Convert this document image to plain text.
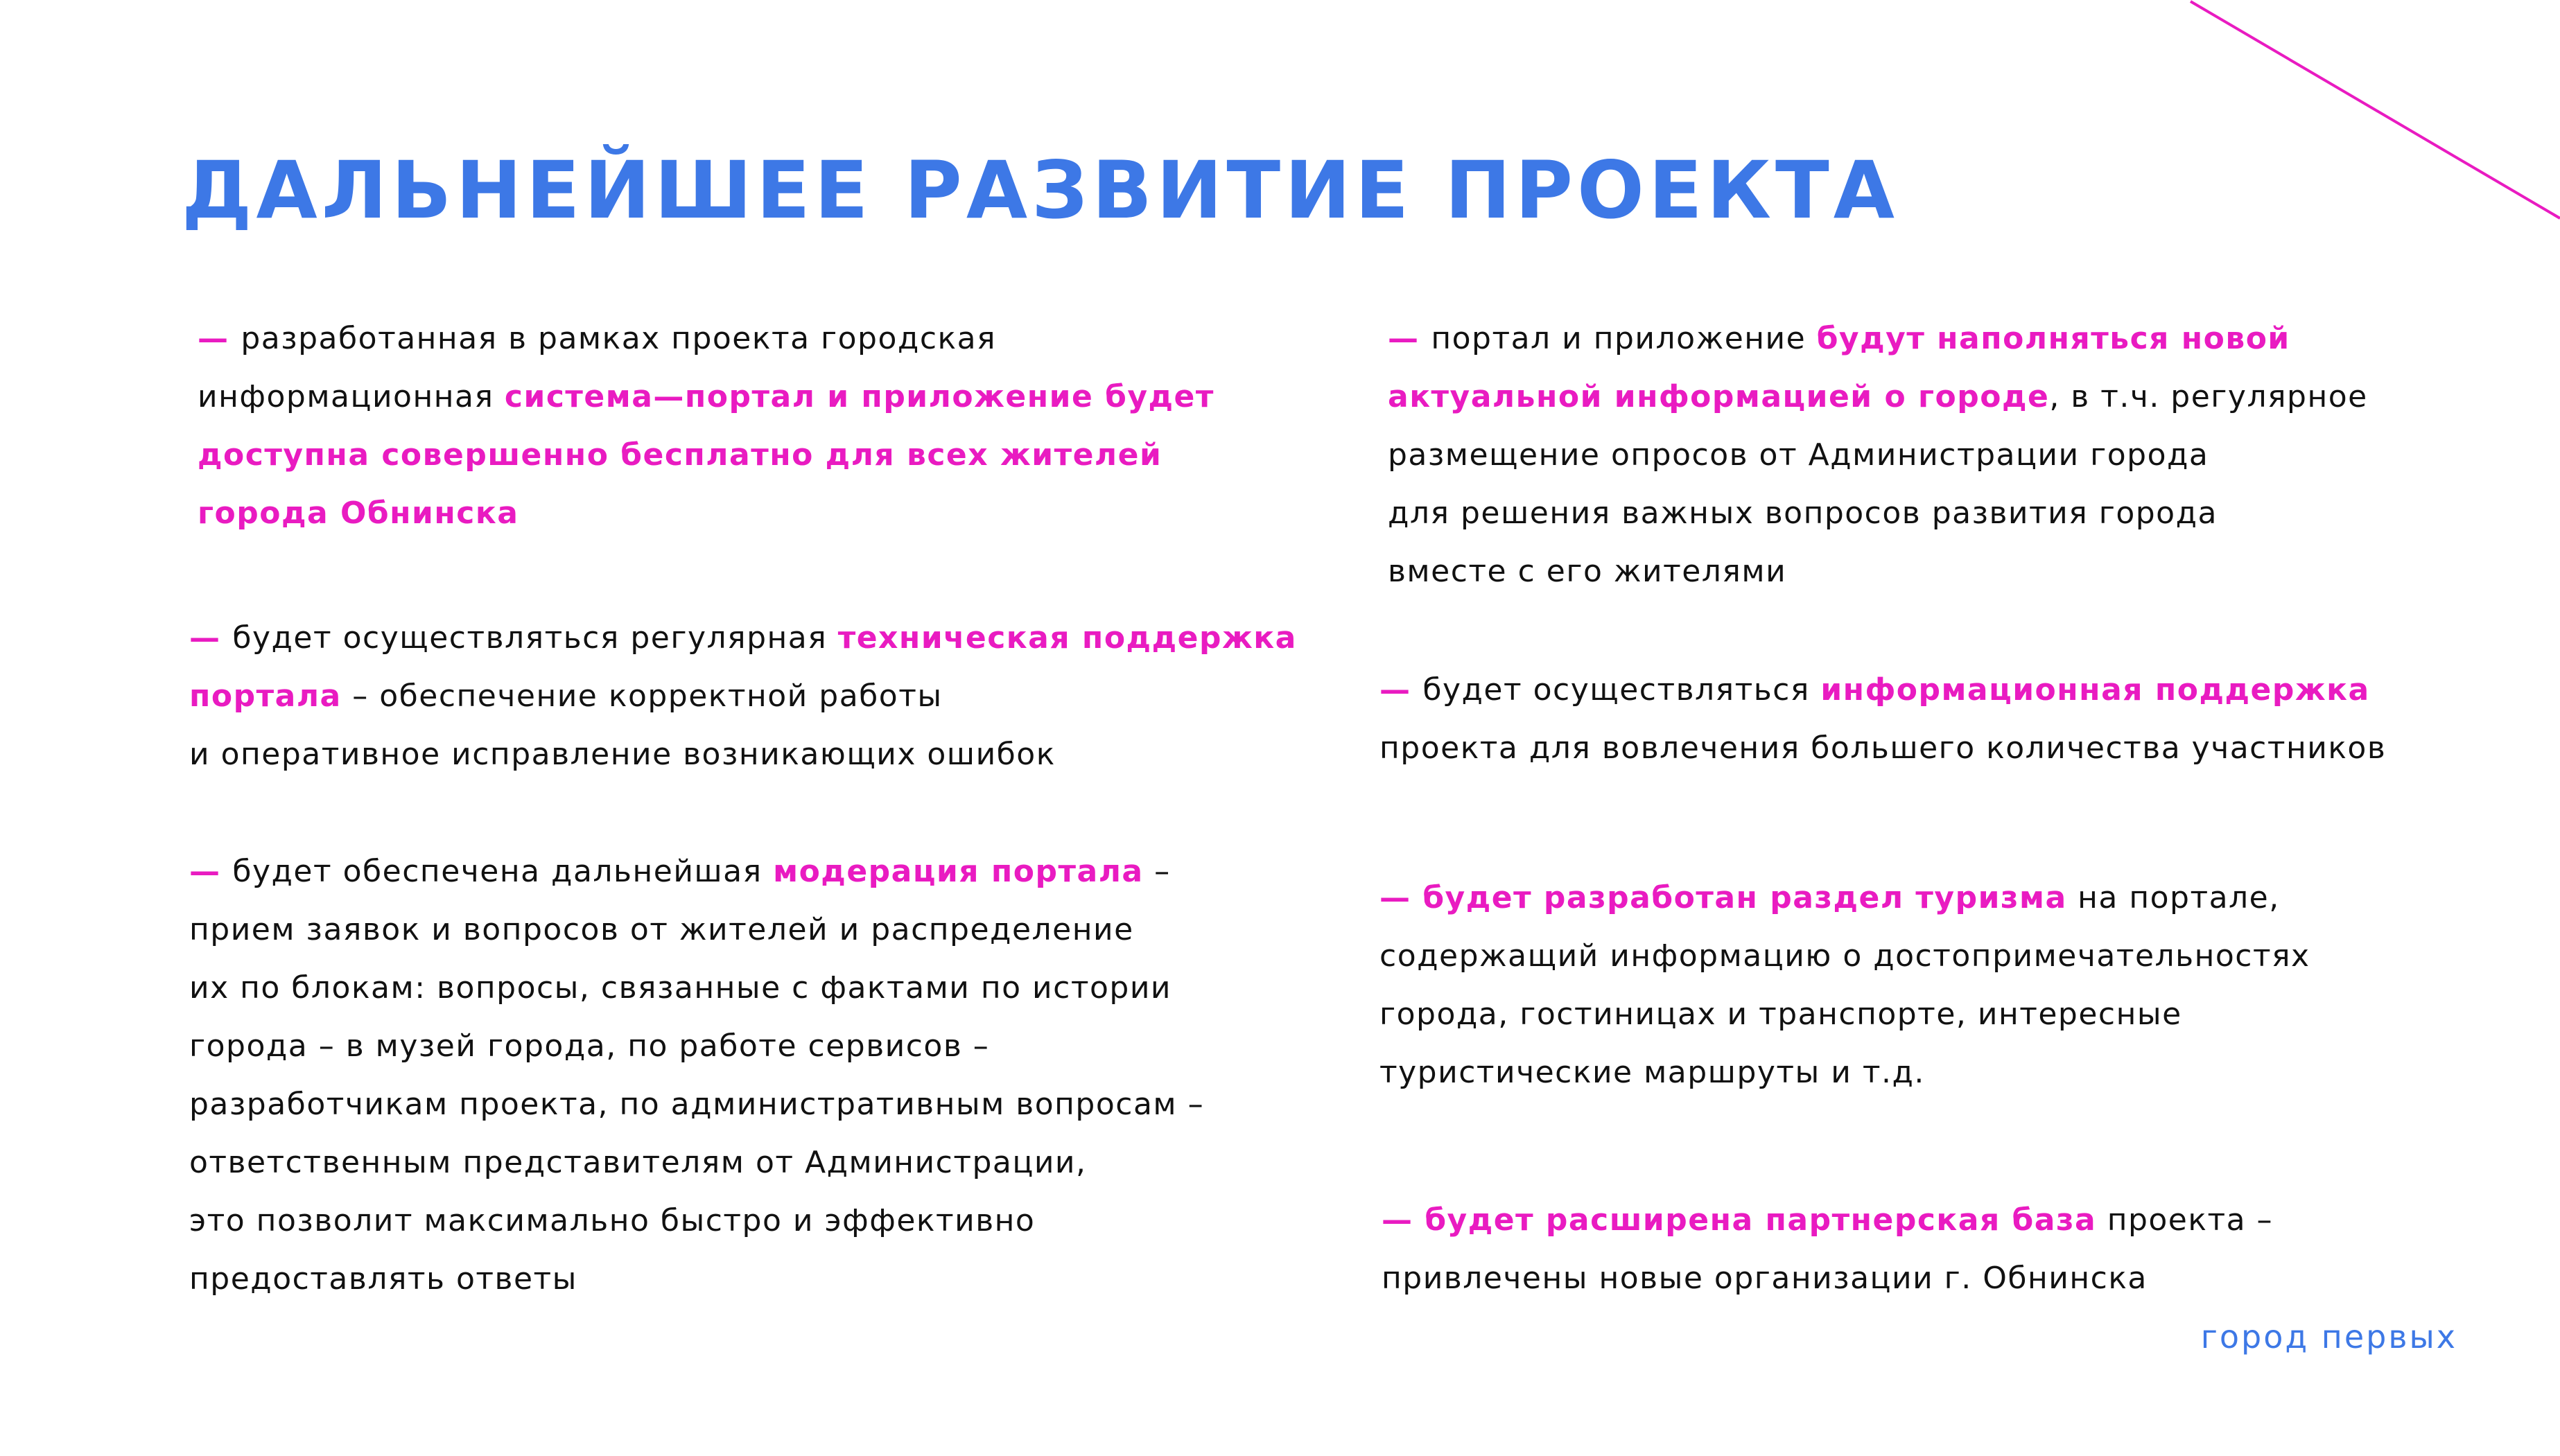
ДАЛЬНЕЙШЕЕ РАЗВИТИЕ ПРОЕКТА
— разработанная в рамках проекта городская
информационная система—портал и приложение будет
доступна совершенно бесплатно для всех жителей
города Обнинска
— будет осуществляться регулярная техническая поддержка
портала – обеспечение корректной работы
и оперативное исправление возникающих ошибок
— будет обеспечена дальнейшая модерация портала –
прием заявок и вопросов от жителей и распределение
их по блокам: вопросы, связанные с фактами по истории
города – в музей города, по работе сервисов –
разработчикам проекта, по административным вопросам –
ответственным представителям от Администрации,
это позволит максимально быстро и эффективно
предоставлять ответы
— портал и приложение будут наполняться новой
актуальной информацией о городе, в т.ч. регулярное
размещение опросов от Администрации города
для решения важных вопросов развития города
вместе с его жителями
— будет осуществляться информационная поддержка
проекта для вовлечения большего количества участников
— будет разработан раздел туризма на портале,
содержащий информацию о достопримечательностях
города, гостиницах и транспорте, интересные
туристические маршруты и т.д.
— будет расширена партнерская база проекта –
привлечены новые организации г. Обнинска
город первых
